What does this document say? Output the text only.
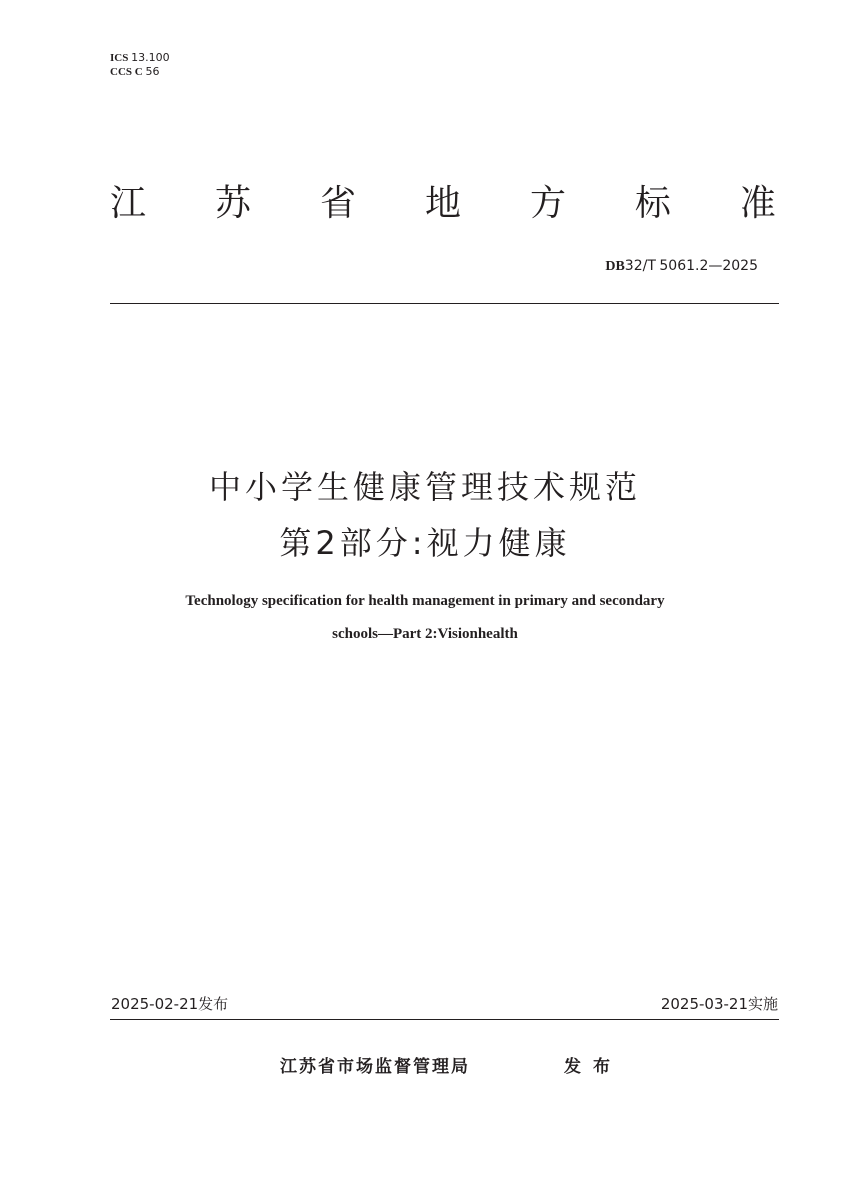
ICS 13.100
CCS C 56
江 苏 省 地 方 标 准
DB32/T 5061.2—2025
中小学生健康管理技术规范
第2部分:视力健康
Technology specification for health management in primary and secondary
schools—Part 2:Visionhealth
2025-02-21发布	2025-03-21实施
江苏省市场监督管理局	发布
